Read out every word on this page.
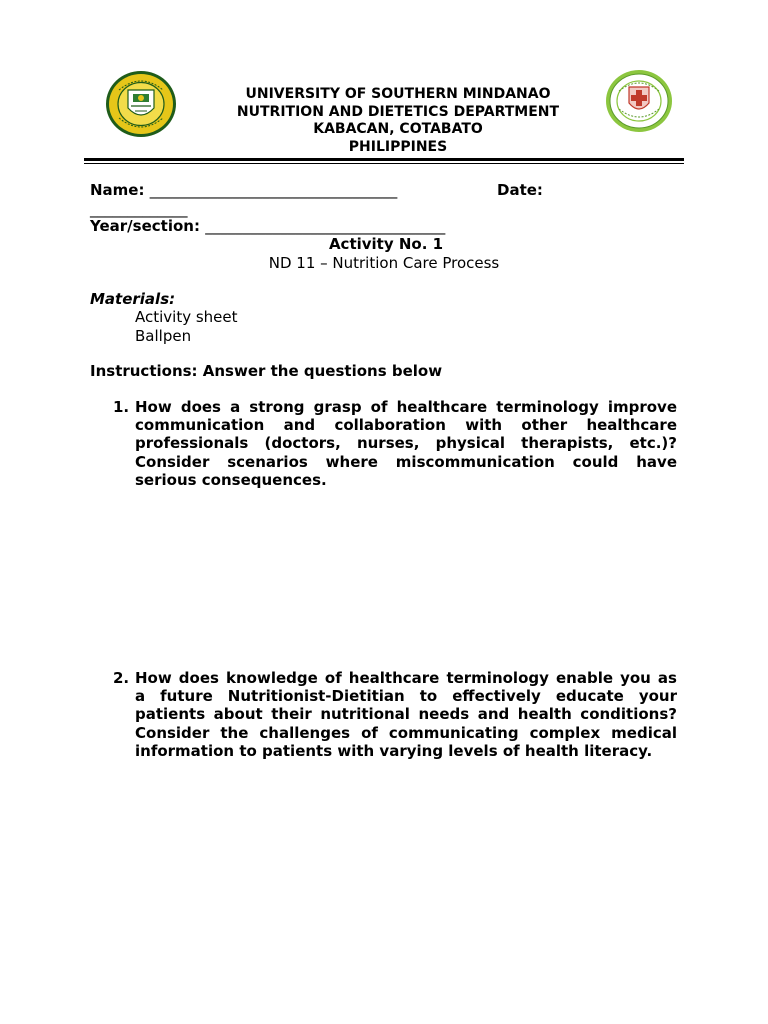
UNIVERSITY OF SOUTHERN MINDANAO
NUTRITION AND DIETETICS DEPARTMENT
KABACAN, COTABATO
PHILIPPINES
Name: _________________________________	Date:
_____________
Year/section: ________________________________
Activity No. 1
ND 11 – Nutrition Care Process
Materials:
Activity sheet
Ballpen
Instructions: Answer the questions below
1. How does a strong grasp of healthcare terminology improve communication and collaboration with other healthcare professionals (doctors, nurses, physical therapists, etc.)? Consider scenarios where miscommunication could have serious consequences.
2. How does knowledge of healthcare terminology enable you as a future Nutritionist-Dietitian to effectively educate your patients about their nutritional needs and health conditions? Consider the challenges of communicating complex medical information to patients with varying levels of health literacy.
